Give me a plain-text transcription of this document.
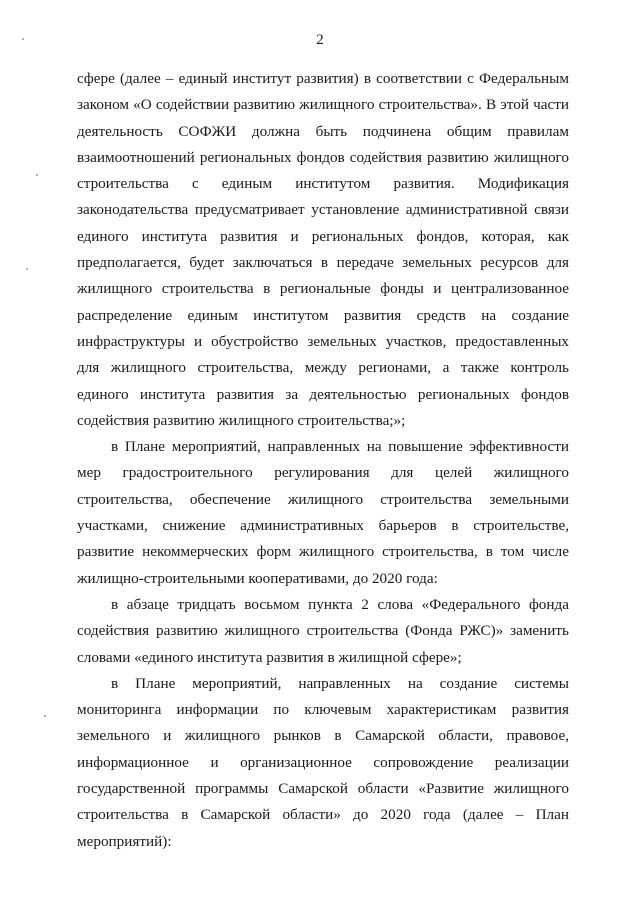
2

сфере (далее – единый институт развития) в соответствии с Федеральным законом «О содействии развитию жилищного строительства». В этой части деятельность СОФЖИ должна быть подчинена общим правилам взаимоотношений региональных фондов содействия развитию жилищного строительства с единым институтом развития. Модификация законодательства предусматривает установление административной связи единого института развития и региональных фондов, которая, как предполагается, будет заключаться в передаче земельных ресурсов для жилищного строительства в региональные фонды и централизованное распределение единым институтом развития средств на создание инфраструктуры и обустройство земельных участков, предоставленных для жилищного строительства, между регионами, а также контроль единого института развития за деятельностью региональных фондов содействия развитию жилищного строительства;»;

в Плане мероприятий, направленных на повышение эффективности мер градостроительного регулирования для целей жилищного строительства, обеспечение жилищного строительства земельными участками, снижение административных барьеров в строительстве, развитие некоммерческих форм жилищного строительства, в том числе жилищно-строительными кооперативами, до 2020 года:

в абзаце тридцать восьмом пункта 2 слова «Федерального фонда содействия развитию жилищного строительства (Фонда РЖС)» заменить словами «единого института развития в жилищной сфере»;

в Плане мероприятий, направленных на создание системы мониторинга информации по ключевым характеристикам развития земельного и жилищного рынков в Самарской области, правовое, информационное и организационное сопровождение реализации государственной программы Самарской области «Развитие жилищного строительства в Самарской области» до 2020 года (далее – План мероприятий):
